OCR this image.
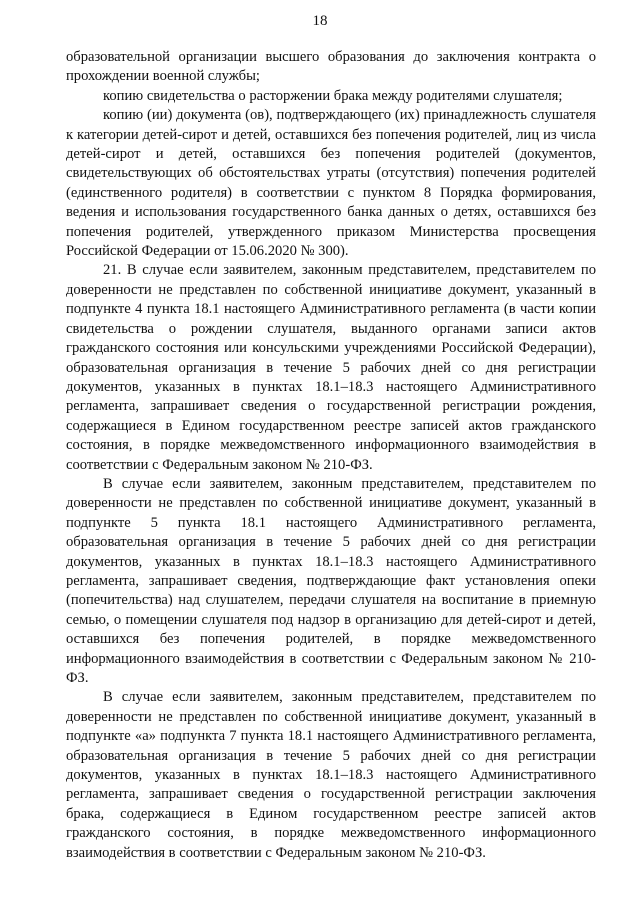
18

образовательной организации высшего образования до заключения контракта о прохождении военной службы;

копию свидетельства о расторжении брака между родителями слушателя;

копию (ии) документа (ов), подтверждающего (их) принадлежность слушателя к категории детей-сирот и детей, оставшихся без попечения родителей, лиц из числа детей-сирот и детей, оставшихся без попечения родителей (документов, свидетельствующих об обстоятельствах утраты (отсутствия) попечения родителей (единственного родителя) в соответствии с пунктом 8 Порядка формирования, ведения и использования государственного банка данных о детях, оставшихся без попечения родителей, утвержденного приказом Министерства просвещения Российской Федерации от 15.06.2020 № 300).

21. В случае если заявителем, законным представителем, представителем по доверенности не представлен по собственной инициативе документ, указанный в подпункте 4 пункта 18.1 настоящего Административного регламента (в части копии свидетельства о рождении слушателя, выданного органами записи актов гражданского состояния или консульскими учреждениями Российской Федерации), образовательная организация в течение 5 рабочих дней со дня регистрации документов, указанных в пунктах 18.1–18.3 настоящего Административного регламента, запрашивает сведения о государственной регистрации рождения, содержащиеся в Едином государственном реестре записей актов гражданского состояния, в порядке межведомственного информационного взаимодействия в соответствии с Федеральным законом № 210-ФЗ.

В случае если заявителем, законным представителем, представителем по доверенности не представлен по собственной инициативе документ, указанный в подпункте 5 пункта 18.1 настоящего Административного регламента, образовательная организация в течение 5 рабочих дней со дня регистрации документов, указанных в пунктах 18.1–18.3 настоящего Административного регламента, запрашивает сведения, подтверждающие факт установления опеки (попечительства) над слушателем, передачи слушателя на воспитание в приемную семью, о помещении слушателя под надзор в организацию для детей-сирот и детей, оставшихся без попечения родителей, в порядке межведомственного информационного взаимодействия в соответствии с Федеральным законом № 210-ФЗ.

В случае если заявителем, законным представителем, представителем по доверенности не представлен по собственной инициативе документ, указанный в подпункте «а» подпункта 7 пункта 18.1 настоящего Административного регламента, образовательная организация в течение 5 рабочих дней со дня регистрации документов, указанных в пунктах 18.1–18.3 настоящего Административного регламента, запрашивает сведения о государственной регистрации заключения брака, содержащиеся в Едином государственном реестре записей актов гражданского состояния, в порядке межведомственного информационного взаимодействия в соответствии с Федеральным законом № 210-ФЗ.
